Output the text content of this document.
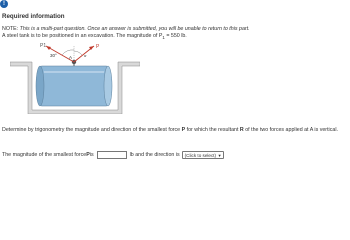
!
Required information
NOTE: This is a multi-part question. Once an answer is submitted, you will be unable to return to this part.
A steel tank is to be positioned in an excavation. The magnitude of $P_1 = 550$ lb.
P1	P
A
30°	α
Determine by trigonometry the magnitude and direction of the smallest force P for which the resultant R of the two forces applied at A is vertical.
The magnitude of the smallest force P is	lb and the direction is (Click to select) ▼
